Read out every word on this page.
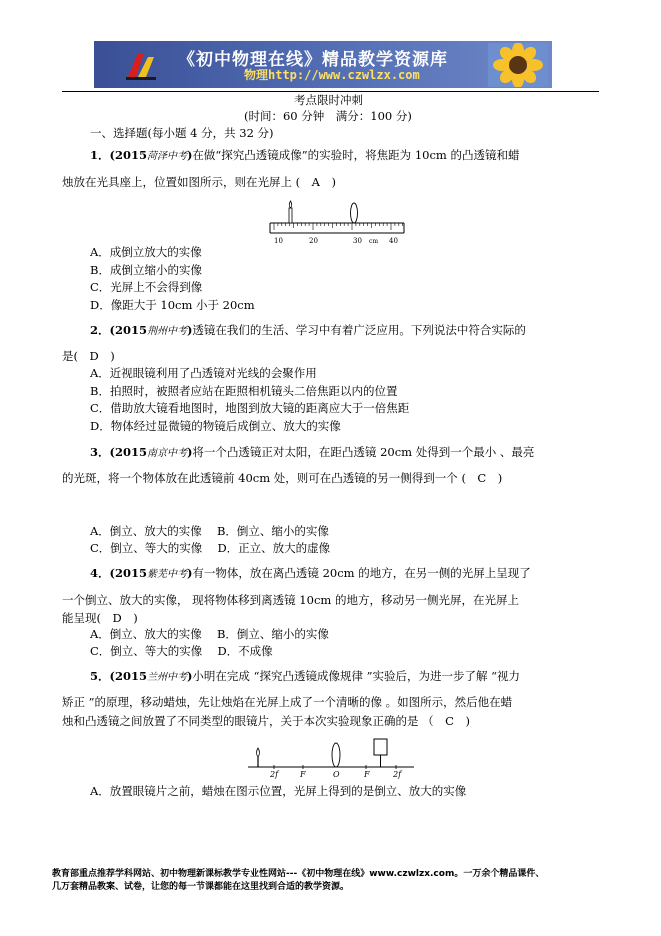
《初中物理在线》精品教学资源库
物理http://www.czwlzx.com
考点限时冲刺
(时间：60 分钟　满分：100 分)
一、选择题(每小题 4 分，共 32 分)
1．(2015菏泽中考)在做“探究凸透镜成像”的实验时，将焦距为 10cm 的凸透镜和蜡
烛放在光具座上，位置如图所示，则在光屏上 (　A　)
10	20	30 cm 40
A．成倒立放大的实像
B．成倒立缩小的实像
C．光屏上不会得到像
D．像距大于 10cm 小于 20cm
2．(2015荆州中考)透镜在我们的生活、学习中有着广泛应用。下列说法中符合实际的
是(　D　)
A．近视眼镜利用了凸透镜对光线的会聚作用
B．拍照时，被照者应站在距照相机镜头二倍焦距以内的位置
C．借助放大镜看地图时，地图到放大镜的距离应大于一倍焦距
D．物体经过显微镜的物镜后成倒立、放大的实像
3．(2015南京中考)将一个凸透镜正对太阳，在距凸透镜 20cm 处得到一个最小 、最亮
的光斑，将一个物体放在此透镜前 40cm 处，则可在凸透镜的另一侧得到一个 (　C　)
A．倒立、放大的实像　 B．倒立、缩小的实像
C．倒立、等大的实像　 D．正立、放大的虚像
4．(2015紫芜中考)有一物体，放在离凸透镜 20cm 的地方，在另一侧的光屏上呈现了
一个倒立、放大的实像， 现将物体移到离透镜 10cm 的地方，移动另一侧光屏，在光屏上
能呈现(　D　)
A．倒立、放大的实像　 B．倒立、缩小的实像
C．倒立、等大的实像　 D．不成像
5．(2015兰州中考)小明在完成 “探究凸透镜成像规律 ”实验后，为进一步了解 “视力
矫正 ”的原理，移动蜡烛，先让烛焰在光屏上成了一个清晰的像 。如图所示，然后他在蜡
烛和凸透镜之间放置了不同类型的眼镜片，关于本次实验现象正确的是 （　C　)
2f	F	O	F	2f
A．放置眼镜片之前，蜡烛在图示位置，光屏上得到的是倒立、放大的实像
教育部重点推荐学科网站、初中物理新课标教学专业性网站---《初中物理在线》www.czwlzx.com。一万余个精品课件、
几万套精品教案、试卷，让您的每一节课都能在这里找到合适的教学资源。
